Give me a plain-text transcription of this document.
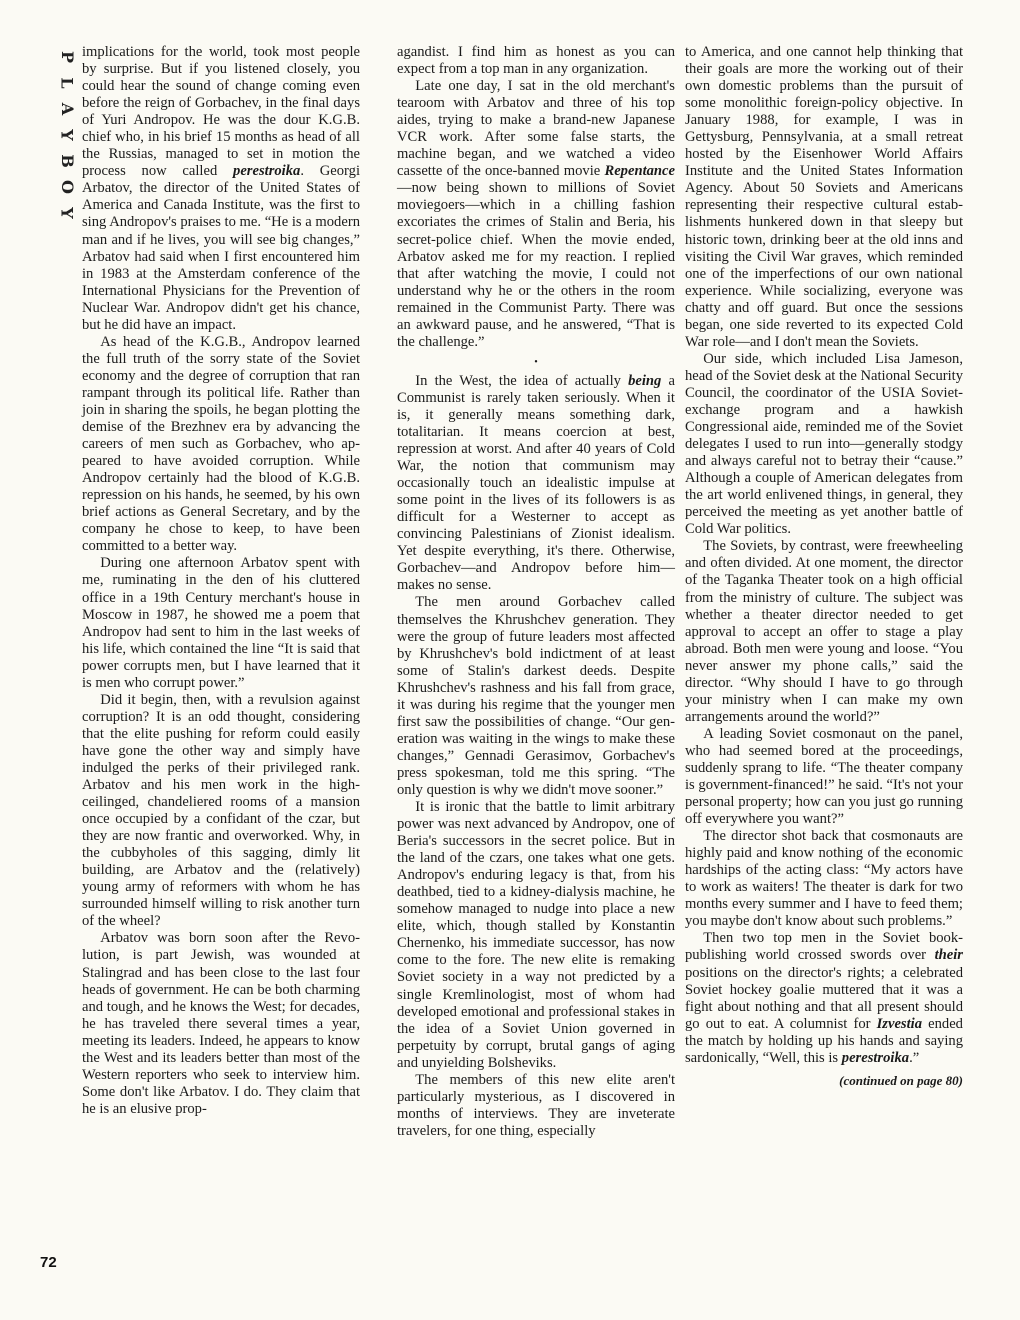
P
L
A
Y
B
O
Y
72

implications for the world, took most people by surprise. But if you listened closely, you could hear the sound of change coming even before the reign of Gorbachev, in the final days of Yuri Andropov. He was the dour K.G.B. chief who, in his brief 15 months as head of all the Russias, managed to set in motion the process now called perestroika. Georgi Arbatov, the director of the United States of America and Canada Institute, was the first to sing Andropov's praises to me. “He is a modern man and if he lives, you will see big changes,” Arbatov had said when I first encountered him in 1983 at the Amsterdam conference of the International Physicians for the Prevention of Nuclear War. Andropov didn't get his chance, but he did have an impact.

As head of the K.G.B., Andropov learned the full truth of the sorry state of the Soviet economy and the degree of corruption that ran rampant through its political life. Rather than join in sharing the spoils, he began plotting the demise of the Brezhnev era by advancing the careers of men such as Gorbachev, who appeared to have avoided corruption. While Andropov certainly had the blood of K.G.B. repression on his hands, he seemed, by his own brief actions as General Secretary, and by the company he chose to keep, to have been committed to a better way.

During one afternoon Arbatov spent with me, ruminating in the den of his cluttered office in a 19th Century merchant's house in Moscow in 1987, he showed me a poem that Andropov had sent to him in the last weeks of his life, which contained the line “It is said that power corrupts men, but I have learned that it is men who corrupt power.”

Did it begin, then, with a revulsion against corruption? It is an odd thought, considering that the elite pushing for reform could easily have gone the other way and simply have indulged the perks of their privileged rank. Arbatov and his men work in the high-ceilinged, chandeliered rooms of a mansion once occupied by a confidant of the czar, but they are now frantic and overworked. Why, in the cubbyholes of this sagging, dimly lit building, are Arbatov and the (relatively) young army of reformers with whom he has surrounded himself willing to risk another turn of the wheel?

Arbatov was born soon after the Revolution, is part Jewish, was wounded at Stalingrad and has been close to the last four heads of government. He can be both charming and tough, and he knows the West; for decades, he has traveled there several times a year, meeting its leaders. Indeed, he appears to know the West and its leaders better than most of the Western reporters who seek to interview him. Some don't like Arbatov. I do. They claim that he is an elusive prop-

agandist. I find him as honest as you can expect from a top man in any organization.

Late one day, I sat in the old merchant's tearoom with Arbatov and three of his top aides, trying to make a brand-new Japanese VCR work. After some false starts, the machine began, and we watched a video cassette of the once-banned movie Repentance—now being shown to millions of Soviet moviegoers—which in a chilling fashion excoriates the crimes of Stalin and Beria, his secret-police chief. When the movie ended, Arbatov asked me for my reaction. I replied that after watching the movie, I could not understand why he or the others in the room remained in the Communist Party. There was an awkward pause, and he answered, “That is the challenge.”

•

In the West, the idea of actually being a Communist is rarely taken seriously. When it is, it generally means something dark, totalitarian. It means coercion at best, repression at worst. And after 40 years of Cold War, the notion that communism may occasionally touch an idealistic impulse at some point in the lives of its followers is as difficult for a Westerner to accept as convincing Palestinians of Zionist idealism. Yet despite everything, it's there. Otherwise, Gorbachev—and Andropov before him—makes no sense.

The men around Gorbachev called themselves the Khrushchev generation. They were the group of future leaders most affected by Khrushchev's bold indictment of at least some of Stalin's darkest deeds. Despite Khrushchev's rashness and his fall from grace, it was during his regime that the younger men first saw the possibilities of change. “Our generation was waiting in the wings to make these changes,” Gennadi Gerasimov, Gorbachev's press spokesman, told me this spring. “The only question is why we didn't move sooner.”

It is ironic that the battle to limit arbitrary power was next advanced by Andropov, one of Beria's successors in the secret police. But in the land of the czars, one takes what one gets. Andropov's enduring legacy is that, from his deathbed, tied to a kidney-dialysis machine, he somehow managed to nudge into place a new elite, which, though stalled by Konstantin Chernenko, his immediate successor, has now come to the fore. The new elite is remaking Soviet society in a way not predicted by a single Kremlinologist, most of whom had developed emotional and professional stakes in the idea of a Soviet Union governed in perpetuity by corrupt, brutal gangs of aging and unyielding Bolsheviks.

The members of this new elite aren't particularly mysterious, as I discovered in months of interviews. They are inveterate travelers, for one thing, especially

to America, and one cannot help thinking that their goals are more the working out of their own domestic problems than the pursuit of some monolithic foreign-policy objective. In January 1988, for example, I was in Gettysburg, Pennsylvania, at a small retreat hosted by the Eisenhower World Affairs Institute and the United States Information Agency. About 50 Soviets and Americans representing their respective cultural establishments hunkered down in that sleepy but historic town, drinking beer at the old inns and visiting the Civil War graves, which reminded one of the imperfections of our own national experience. While socializing, everyone was chatty and off guard. But once the sessions began, one side reverted to its expected Cold War role—and I don't mean the Soviets.

Our side, which included Lisa Jameson, head of the Soviet desk at the National Security Council, the coordinator of the USIA Soviet-exchange program and a hawkish Congressional aide, reminded me of the Soviet delegates I used to run into—generally stodgy and always careful not to betray their “cause.” Although a couple of American delegates from the art world enlivened things, in general, they perceived the meeting as yet another battle of Cold War politics.

The Soviets, by contrast, were freewheeling and often divided. At one moment, the director of the Taganka Theater took on a high official from the ministry of culture. The subject was whether a theater director needed to get approval to accept an offer to stage a play abroad. Both men were young and loose. “You never answer my phone calls,” said the director. “Why should I have to go through your ministry when I can make my own arrangements around the world?”

A leading Soviet cosmonaut on the panel, who had seemed bored at the proceedings, suddenly sprang to life. “The theater company is government-financed!” he said. “It's not your personal property; how can you just go running off everywhere you want?”

The director shot back that cosmonauts are highly paid and know nothing of the economic hardships of the acting class: “My actors have to work as waiters! The theater is dark for two months every summer and I have to feed them; you maybe don't know about such problems.”

Then two top men in the Soviet book-publishing world crossed swords over their positions on the director's rights; a celebrated Soviet hockey goalie muttered that it was a fight about nothing and that all present should go out to eat. A columnist for Izvestia ended the match by holding up his hands and saying sardonically, “Well, this is perestroika.”

(continued on page 80)
